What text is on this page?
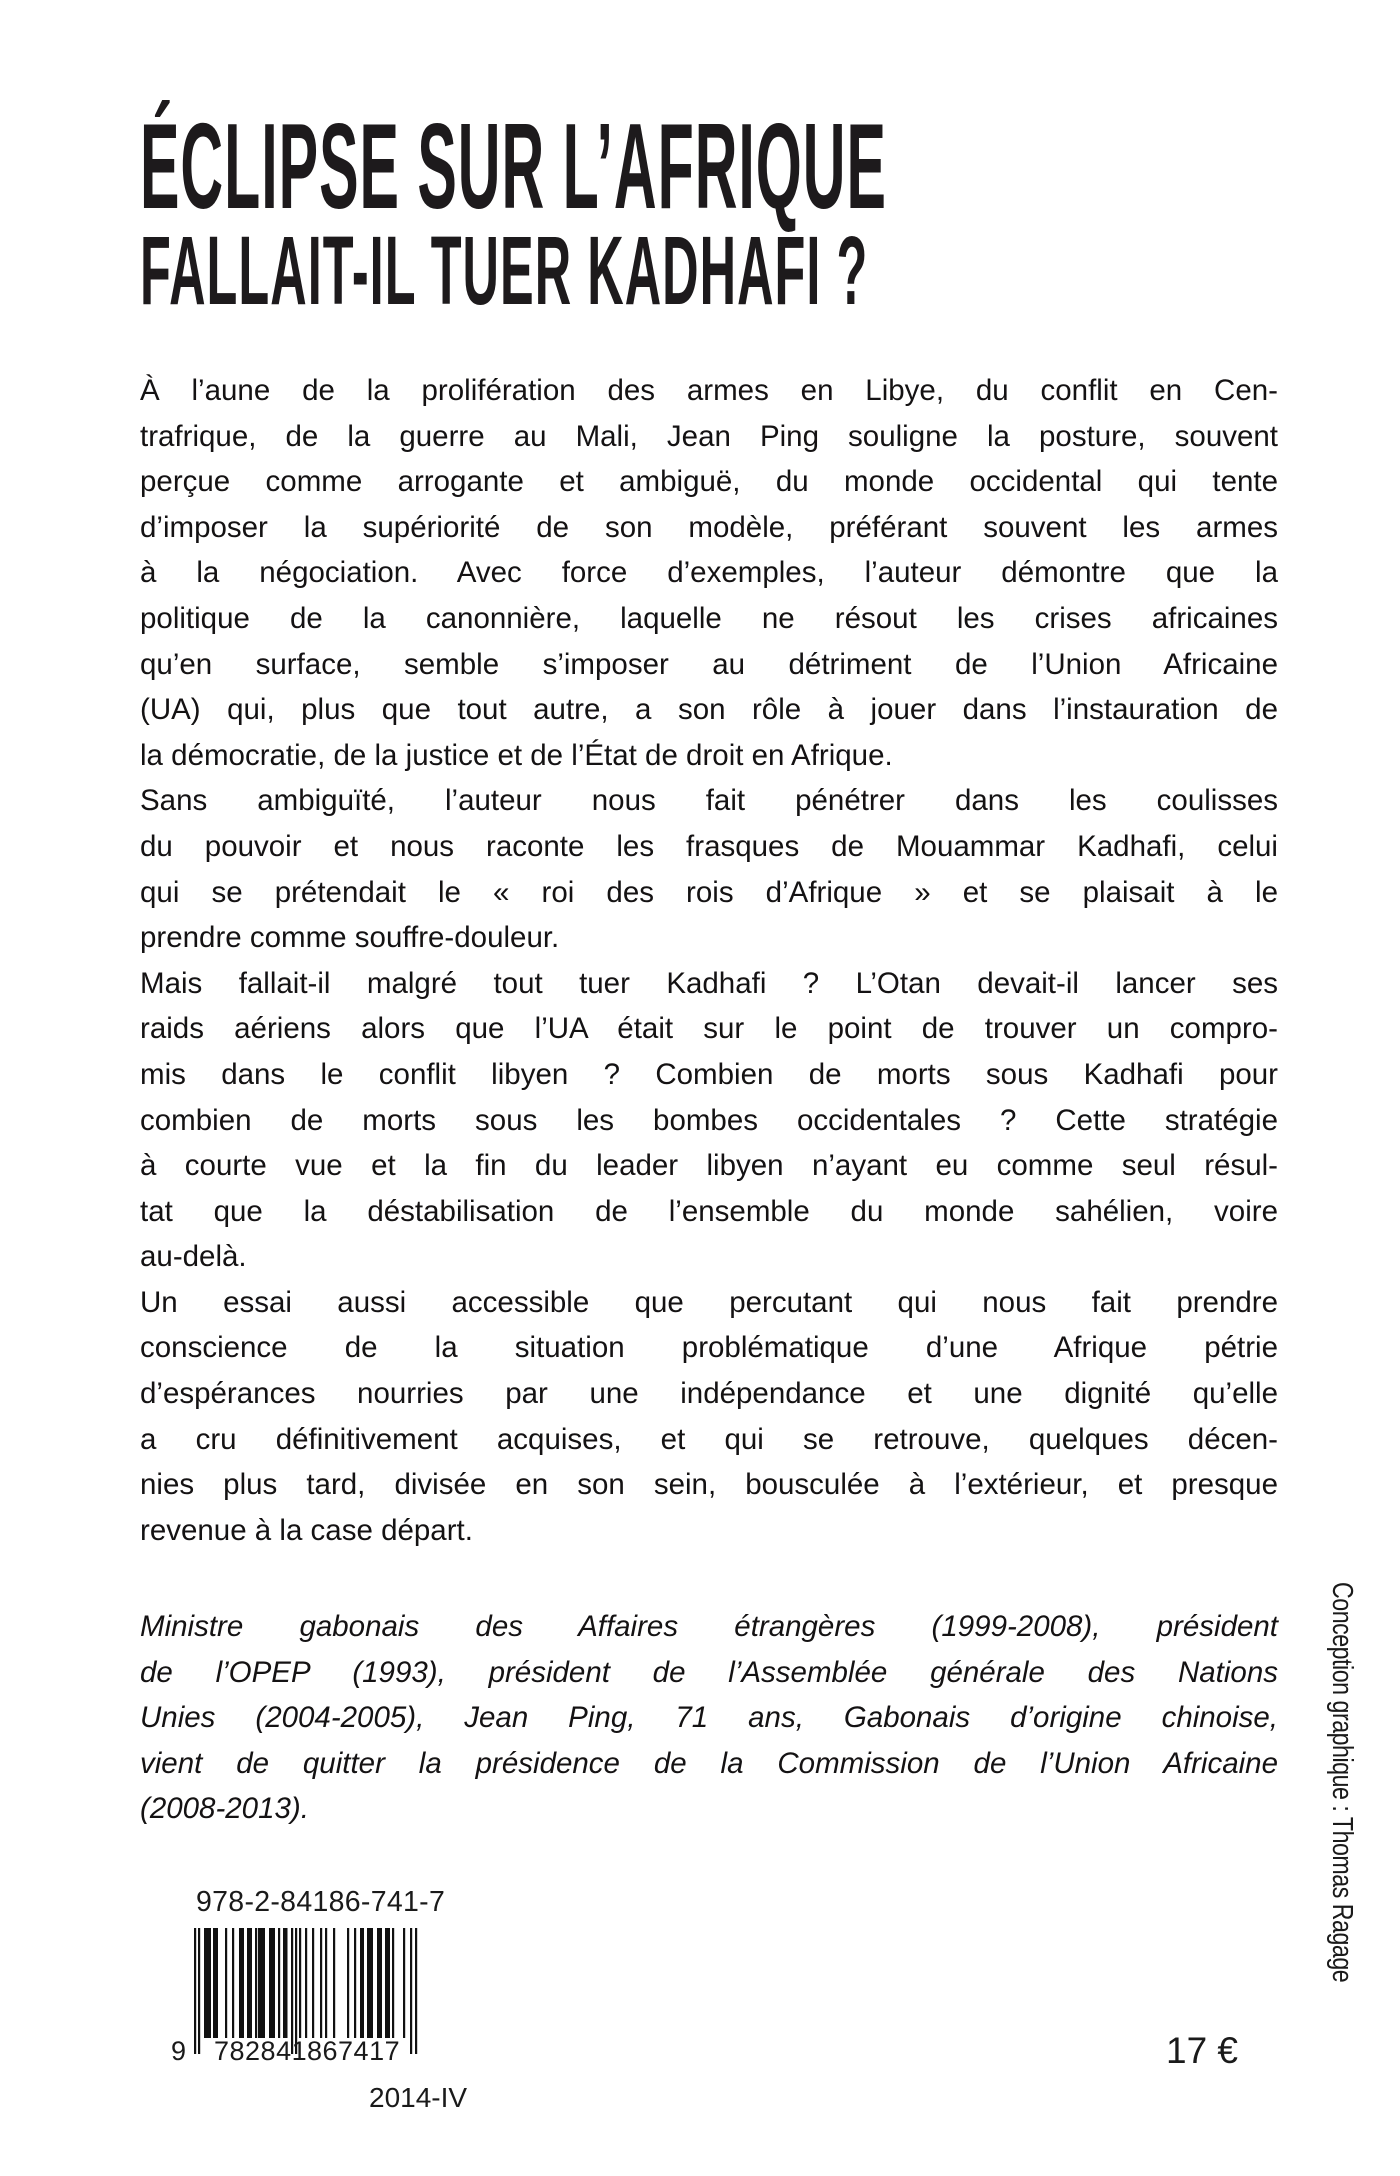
ÉCLIPSE SUR L’AFRIQUE
FALLAIT-IL TUER KADHAFI ?
À l’aune de la prolifération des armes en Libye, du conflit en Cen-
trafrique, de la guerre au Mali, Jean Ping souligne la posture, souvent
perçue comme arrogante et ambiguë, du monde occidental qui tente
d’imposer la supériorité de son modèle, préférant souvent les armes
à la négociation. Avec force d’exemples, l’auteur démontre que la
politique de la canonnière, laquelle ne résout les crises africaines
qu’en surface, semble s’imposer au détriment de l’Union Africaine
(UA) qui, plus que tout autre, a son rôle à jouer dans l’instauration de
la démocratie, de la justice et de l’État de droit en Afrique.
Sans ambiguïté, l’auteur nous fait pénétrer dans les coulisses
du pouvoir et nous raconte les frasques de Mouammar Kadhafi, celui
qui se prétendait le « roi des rois d’Afrique » et se plaisait à le
prendre comme souffre-douleur.
Mais fallait-il malgré tout tuer Kadhafi ? L’Otan devait-il lancer ses
raids aériens alors que l’UA était sur le point de trouver un compro-
mis dans le conflit libyen ? Combien de morts sous Kadhafi pour
combien de morts sous les bombes occidentales ? Cette stratégie
à courte vue et la fin du leader libyen n’ayant eu comme seul résul-
tat que la déstabilisation de l’ensemble du monde sahélien, voire
au-delà.
Un essai aussi accessible que percutant qui nous fait prendre
conscience de la situation problématique d’une Afrique pétrie
d’espérances nourries par une indépendance et une dignité qu’elle
a cru définitivement acquises, et qui se retrouve, quelques décen-
nies plus tard, divisée en son sein, bousculée à l’extérieur, et presque
revenue à la case départ.
Ministre gabonais des Affaires étrangères (1999-2008), président
de l’OPEP (1993), président de l’Assemblée générale des Nations
Unies (2004-2005), Jean Ping, 71 ans, Gabonais d’origine chinoise,
vient de quitter la présidence de la Commission de l’Union Africaine
(2008-2013).
978-2-84186-741-7
9 782841 867417
2014-IV
17 €
Conception graphique : Thomas Ragage
